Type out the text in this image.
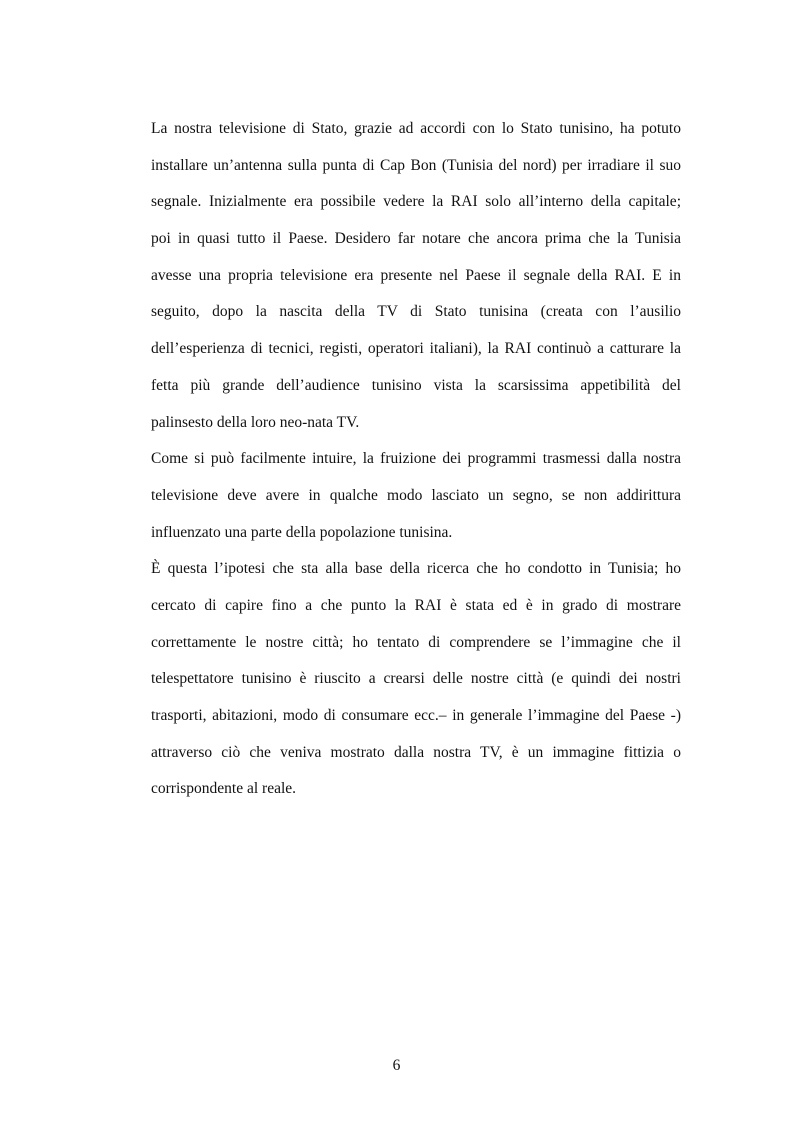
La nostra televisione di Stato, grazie ad accordi con lo Stato tunisino, ha potuto
installare un’antenna sulla punta di Cap Bon (Tunisia del nord) per irradiare il suo
segnale. Inizialmente era possibile vedere la RAI solo all’interno della capitale;
poi in quasi tutto il Paese. Desidero far notare che ancora prima che la Tunisia
avesse una propria televisione era presente nel Paese il segnale della RAI. E in
seguito, dopo la nascita della TV di Stato tunisina (creata con l’ausilio
dell’esperienza di tecnici, registi, operatori italiani), la RAI continuò a catturare la
fetta più grande dell’audience tunisino vista la scarsissima appetibilità del
palinsesto della loro neo-nata TV.
Come si può facilmente intuire, la fruizione dei programmi trasmessi dalla nostra
televisione deve avere in qualche modo lasciato un segno, se non addirittura
influenzato una parte della popolazione tunisina.
È questa l’ipotesi che sta alla base della ricerca che ho condotto in Tunisia; ho
cercato di capire fino a che punto la RAI è stata ed è in grado di mostrare
correttamente le nostre città; ho tentato di comprendere se l’immagine che il
telespettatore tunisino è riuscito a crearsi delle nostre città (e quindi dei nostri
trasporti, abitazioni, modo di consumare ecc.– in generale l’immagine del Paese -)
attraverso ciò che veniva mostrato dalla nostra TV, è un immagine fittizia o
corrispondente al reale.
6
